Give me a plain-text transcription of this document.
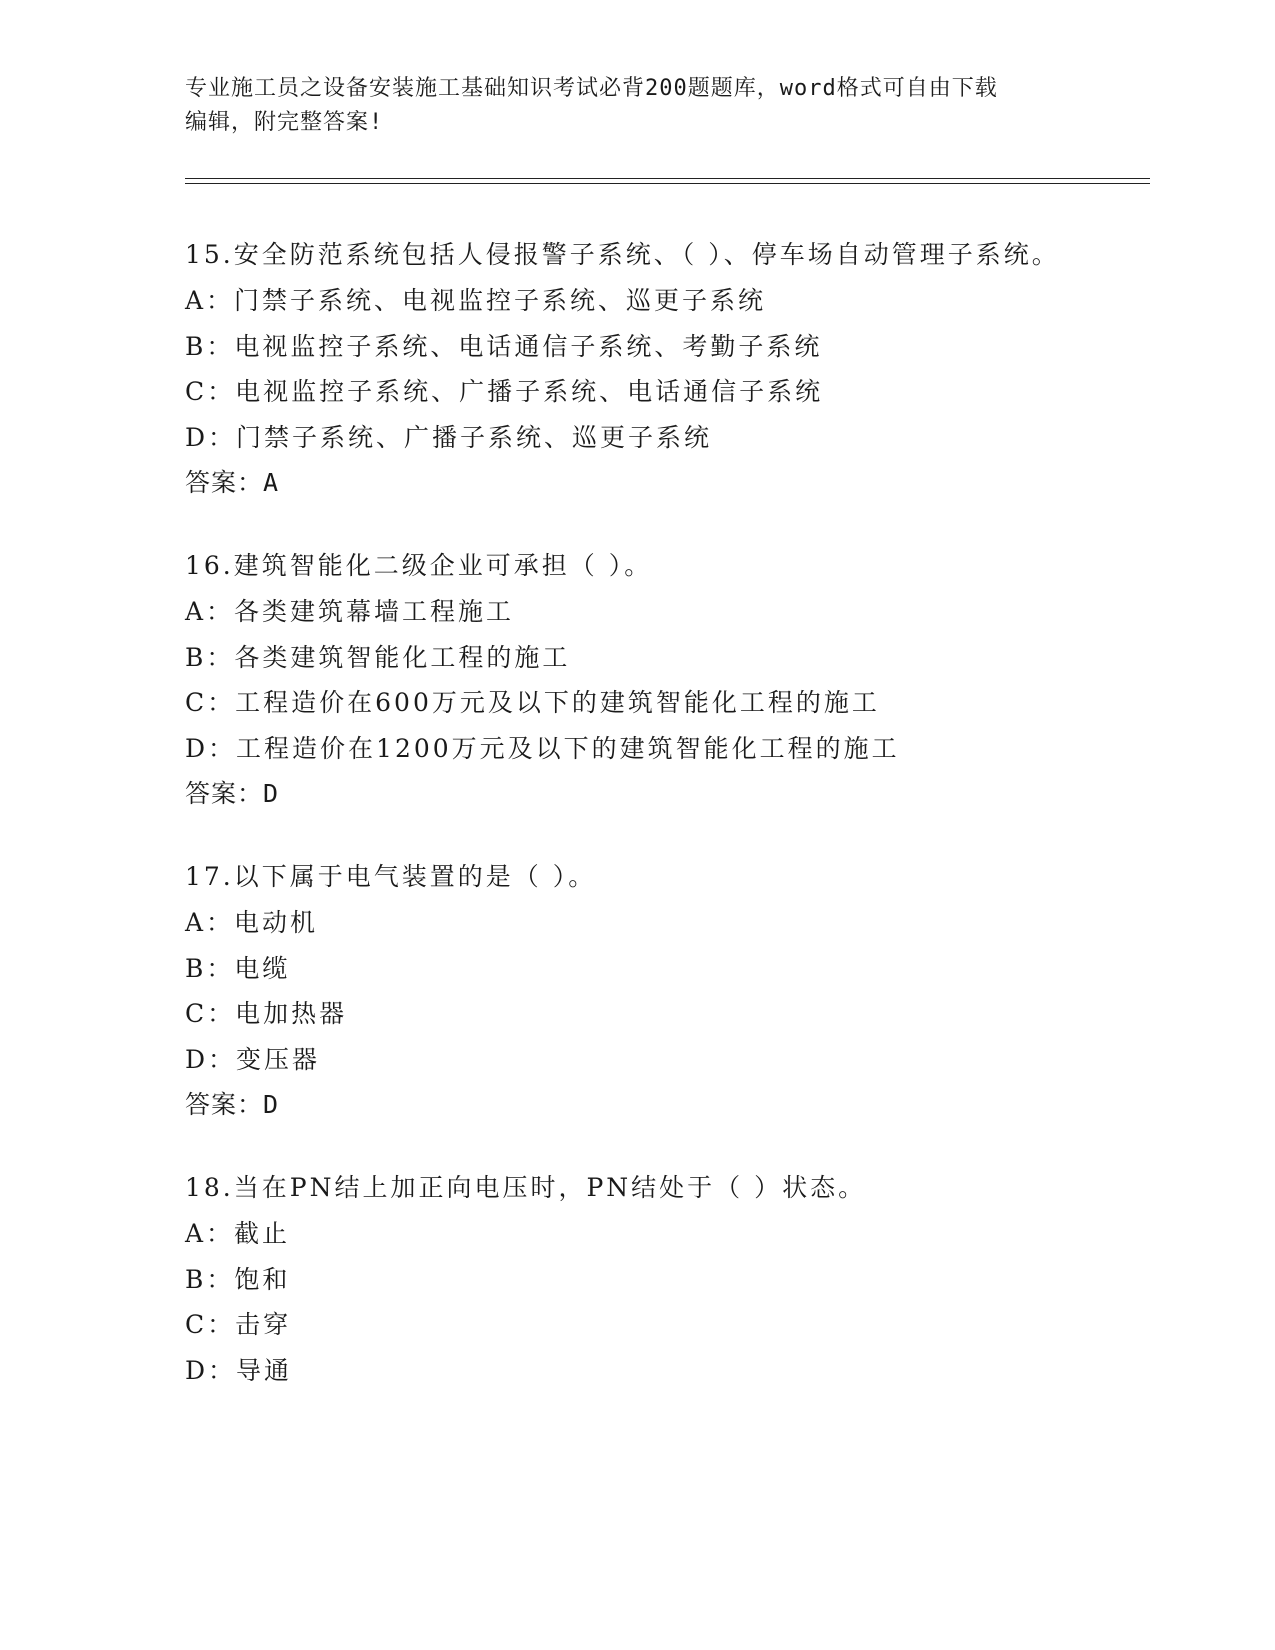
专业施工员之设备安装施工基础知识考试必背200题题库，word格式可自由下载
编辑，附完整答案!

15.安全防范系统包括人侵报警子系统、（ ）、停车场自动管理子系统。

A：门禁子系统、电视监控子系统、巡更子系统
B：电视监控子系统、电话通信子系统、考勤子系统
C：电视监控子系统、广播子系统、电话通信子系统
D：门禁子系统、广播子系统、巡更子系统
答案：A

16.建筑智能化二级企业可承担（ ）。

A：各类建筑幕墙工程施工
B：各类建筑智能化工程的施工
C：工程造价在600万元及以下的建筑智能化工程的施工
D：工程造价在1200万元及以下的建筑智能化工程的施工
答案：D

17.以下属于电气装置的是（ ）。

A：电动机
B：电缆
C：电加热器
D：变压器
答案：D

18.当在PN结上加正向电压时，PN结处于（ ）状态。

A：截止
B：饱和
C：击穿
D：导通
